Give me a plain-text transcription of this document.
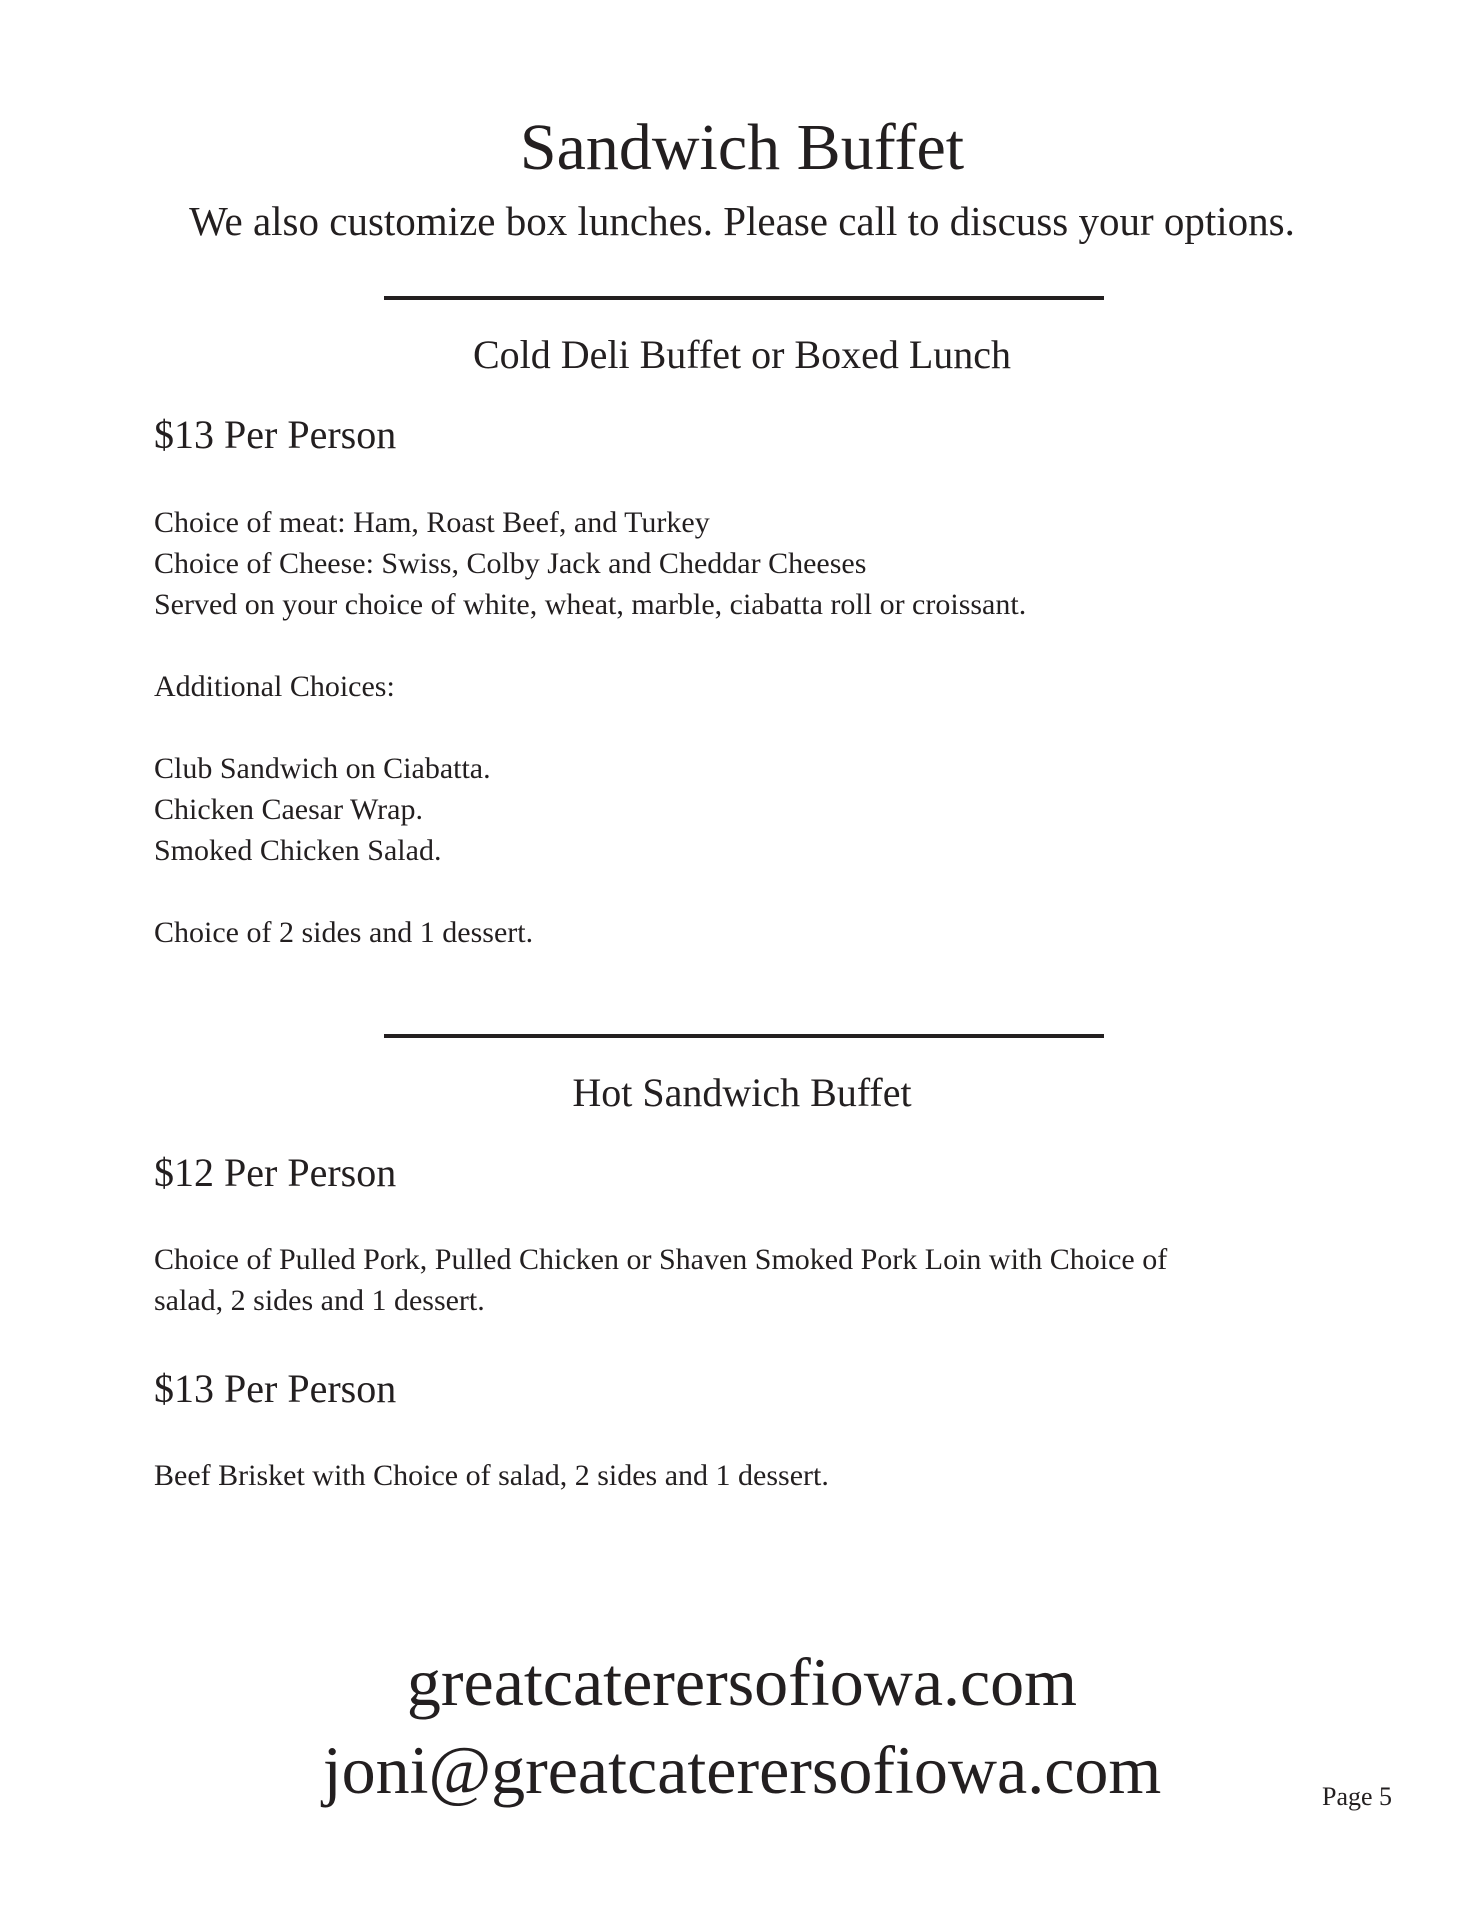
Sandwich Buffet
We also customize box lunches. Please call to discuss your options.
Cold Deli Buffet or Boxed Lunch
$13 Per Person
Choice of meat: Ham, Roast Beef, and Turkey
Choice of Cheese: Swiss, Colby Jack and Cheddar Cheeses
Served on your choice of white, wheat, marble, ciabatta roll or croissant.
Additional Choices:
Club Sandwich on Ciabatta.
Chicken Caesar Wrap.
Smoked Chicken Salad.
Choice of 2 sides and 1 dessert.
Hot Sandwich Buffet
$12 Per Person
Choice of Pulled Pork, Pulled Chicken or Shaven Smoked Pork Loin with Choice of
salad, 2 sides and 1 dessert.
$13 Per Person
Beef Brisket with Choice of salad, 2 sides and 1 dessert.
greatcaterersofiowa.com
joni@greatcaterersofiowa.com	Page 5
